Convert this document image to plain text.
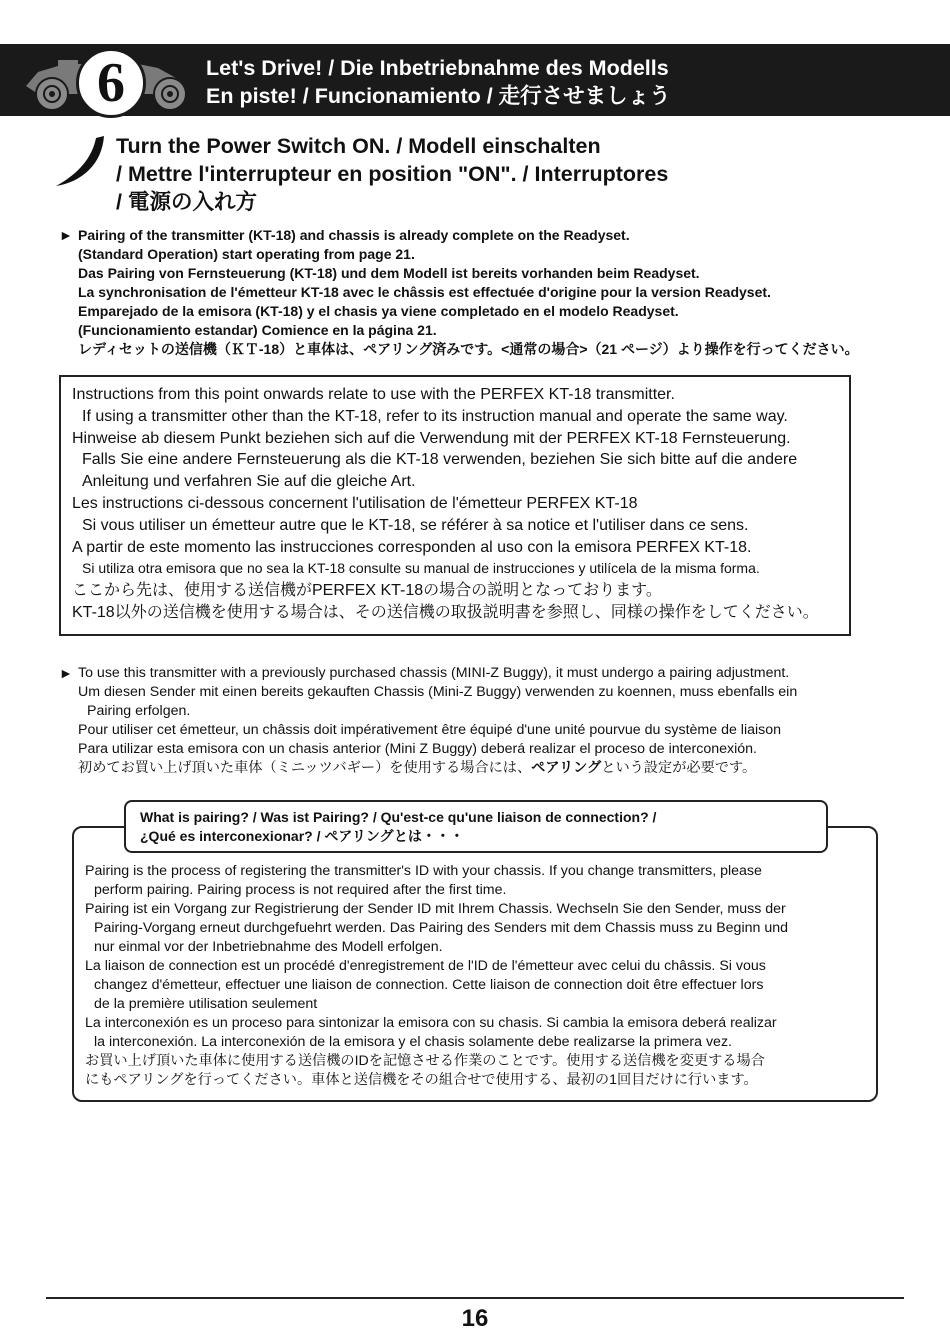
6	Let's Drive! / Die Inbetriebnahme des Modells
En piste! / Funcionamiento / 走行させましょう
Turn the Power Switch ON. / Modell einschalten
/ Mettre l'interrupteur en position "ON". / Interruptores
/ 電源の入れ方
► Pairing of the transmitter (KT-18) and chassis is already complete on the Readyset.
(Standard Operation) start operating from page 21.
Das Pairing von Fernsteuerung (KT-18) und dem Modell ist bereits vorhanden beim Readyset.
La synchronisation de l'émetteur KT-18 avec le châssis est effectuée d'origine pour la version Readyset.
Emparejado de la emisora (KT-18) y el chasis ya viene completado en el modelo Readyset.
(Funcionamiento estandar) Comience en la página 21.
レディセットの送信機（ＫＴ-18）と車体は、ペアリング済みです。<通常の場合>（21 ページ）より操作を行ってください。
Instructions from this point onwards relate to use with the PERFEX KT-18 transmitter.
If using a transmitter other than the KT-18, refer to its instruction manual and operate the same way.
Hinweise ab diesem Punkt beziehen sich auf die Verwendung mit der PERFEX KT-18 Fernsteuerung.
Falls Sie eine andere Fernsteuerung als die KT-18 verwenden, beziehen Sie sich bitte auf die andere
Anleitung und verfahren Sie auf die gleiche Art.
Les instructions ci-dessous concernent l'utilisation de l'émetteur PERFEX KT-18
Si vous utiliser un émetteur autre que le KT-18, se référer à sa notice et l'utiliser dans ce sens.
A partir de este momento las instrucciones corresponden al uso con la emisora PERFEX KT-18.
Si utiliza otra emisora que no sea la KT-18 consulte su manual de instrucciones y utilícela de la misma forma.
ここから先は、使用する送信機がPERFEX KT-18の場合の説明となっております。
KT-18以外の送信機を使用する場合は、その送信機の取扱説明書を参照し、同様の操作をしてください。
► To use this transmitter with a previously purchased chassis (MINI-Z Buggy), it must undergo a pairing adjustment.
Um diesen Sender mit einen bereits gekauften Chassis (Mini-Z Buggy) verwenden zu koennen, muss ebenfalls ein
Pairing erfolgen.
Pour utiliser cet émetteur, un châssis doit impérativement être équipé d'une unité pourvue du système de liaison
Para utilizar esta emisora con un chasis anterior (Mini Z Buggy) deberá realizar el proceso de interconexión.
初めてお買い上げ頂いた車体（ミニッツバギー）を使用する場合には、ペアリングという設定が必要です。
What is pairing? / Was ist Pairing? / Qu'est-ce qu'une liaison de connection? /
¿Qué es interconexionar? / ペアリングとは・・・
Pairing is the process of registering the transmitter's ID with your chassis. If you change transmitters, please
perform pairing. Pairing process is not required after the first time.
Pairing ist ein Vorgang zur Registrierung der Sender ID mit Ihrem Chassis. Wechseln Sie den Sender, muss der
Pairing-Vorgang erneut durchgefuehrt werden. Das Pairing des Senders mit dem Chassis muss zu Beginn und
nur einmal vor der Inbetriebnahme des Modell erfolgen.
La liaison de connection est un procédé d'enregistrement de l'ID de l'émetteur avec celui du châssis. Si vous
changez d'émetteur, effectuer une liaison de connection. Cette liaison de connection doit être effectuer lors
de la première utilisation seulement
La interconexión es un proceso para sintonizar la emisora con su chasis. Si cambia la emisora deberá realizar
la interconexión. La interconexión de la emisora y el chasis solamente debe realizarse la primera vez.
お買い上げ頂いた車体に使用する送信機のIDを記憶させる作業のことです。使用する送信機を変更する場合
にもペアリングを行ってください。車体と送信機をその組合せで使用する、最初の1回目だけに行います。
16
